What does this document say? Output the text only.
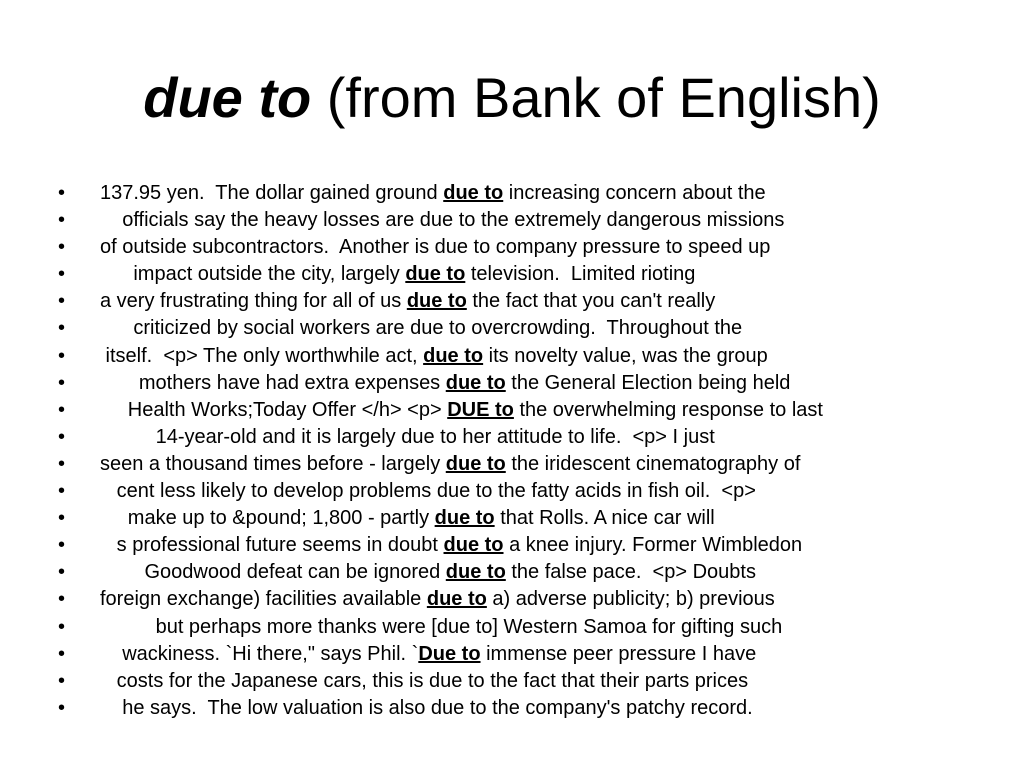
due to (from Bank of English)
•	137.95 yen.  The dollar gained ground due to increasing concern about the
•	officials say the heavy losses are due to the extremely dangerous missions
•	of outside subcontractors.  Another is due to company pressure to speed up
•	impact outside the city, largely due to television.  Limited rioting
•	a very frustrating thing for all of us due to the fact that you can't really
•	criticized by social workers are due to overcrowding.  Throughout the
•	itself.  <p> The only worthwhile act, due to its novelty value, was the group
•	mothers have had extra expenses due to the General Election being held
•	Health Works;Today Offer </h> <p> DUE to the overwhelming response to last
•	14-year-old and it is largely due to her attitude to life.  <p> I just
•	seen a thousand times before - largely due to the iridescent cinematography of
•	cent less likely to develop problems due to the fatty acids in fish oil.  <p>
•	make up to &pound; 1,800 - partly due to that Rolls. A nice car will
•	s professional future seems in doubt due to a knee injury. Former Wimbledon
•	Goodwood defeat can be ignored due to the false pace.  <p> Doubts
•	foreign exchange) facilities available due to a) adverse publicity; b) previous
•	but perhaps more thanks were [due to] Western Samoa for gifting such
•	wackiness. `Hi there," says Phil. `Due to immense peer pressure I have
•	costs for the Japanese cars, this is due to the fact that their parts prices
•	he says.  The low valuation is also due to the company's patchy record.
